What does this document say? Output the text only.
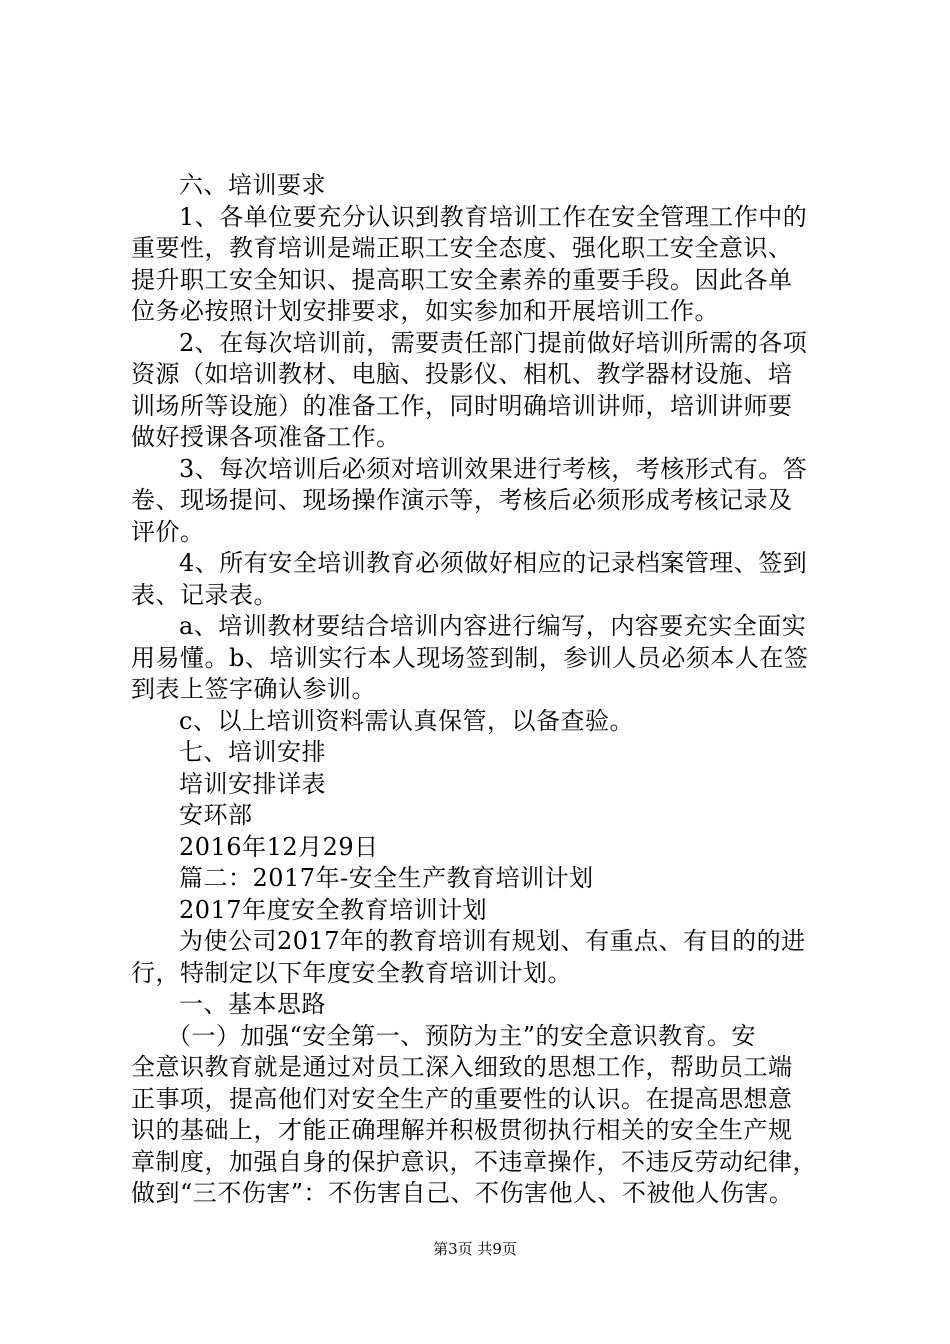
六、培训要求
1、各单位要充分认识到教育培训工作在安全管理工作中的
重要性，教育培训是端正职工安全态度、强化职工安全意识、
提升职工安全知识、提高职工安全素养的重要手段。因此各单
位务必按照计划安排要求，如实参加和开展培训工作。
2、在每次培训前，需要责任部门提前做好培训所需的各项
资源（如培训教材、电脑、投影仪、相机、教学器材设施、培
训场所等设施）的准备工作，同时明确培训讲师，培训讲师要
做好授课各项准备工作。
3、每次培训后必须对培训效果进行考核，考核形式有。答
卷、现场提问、现场操作演示等，考核后必须形成考核记录及
评价。
4、所有安全培训教育必须做好相应的记录档案管理、签到
表、记录表。
a、培训教材要结合培训内容进行编写，内容要充实全面实
用易懂。b、培训实行本人现场签到制，参训人员必须本人在签
到表上签字确认参训。
c、以上培训资料需认真保管，以备查验。
七、培训安排
培训安排详表
安环部
2016年12月29日
篇二：2017年-安全生产教育培训计划
2017年度安全教育培训计划
为使公司2017年的教育培训有规划、有重点、有目的的进
行，特制定以下年度安全教育培训计划。
一、基本思路
（一）加强“安全第一、预防为主”的安全意识教育。安
全意识教育就是通过对员工深入细致的思想工作，帮助员工端
正事项，提高他们对安全生产的重要性的认识。在提高思想意
识的基础上，才能正确理解并积极贯彻执行相关的安全生产规
章制度，加强自身的保护意识，不违章操作，不违反劳动纪律，
做到“三不伤害”：不伤害自己、不伤害他人、不被他人伤害。
第3页 共9页
